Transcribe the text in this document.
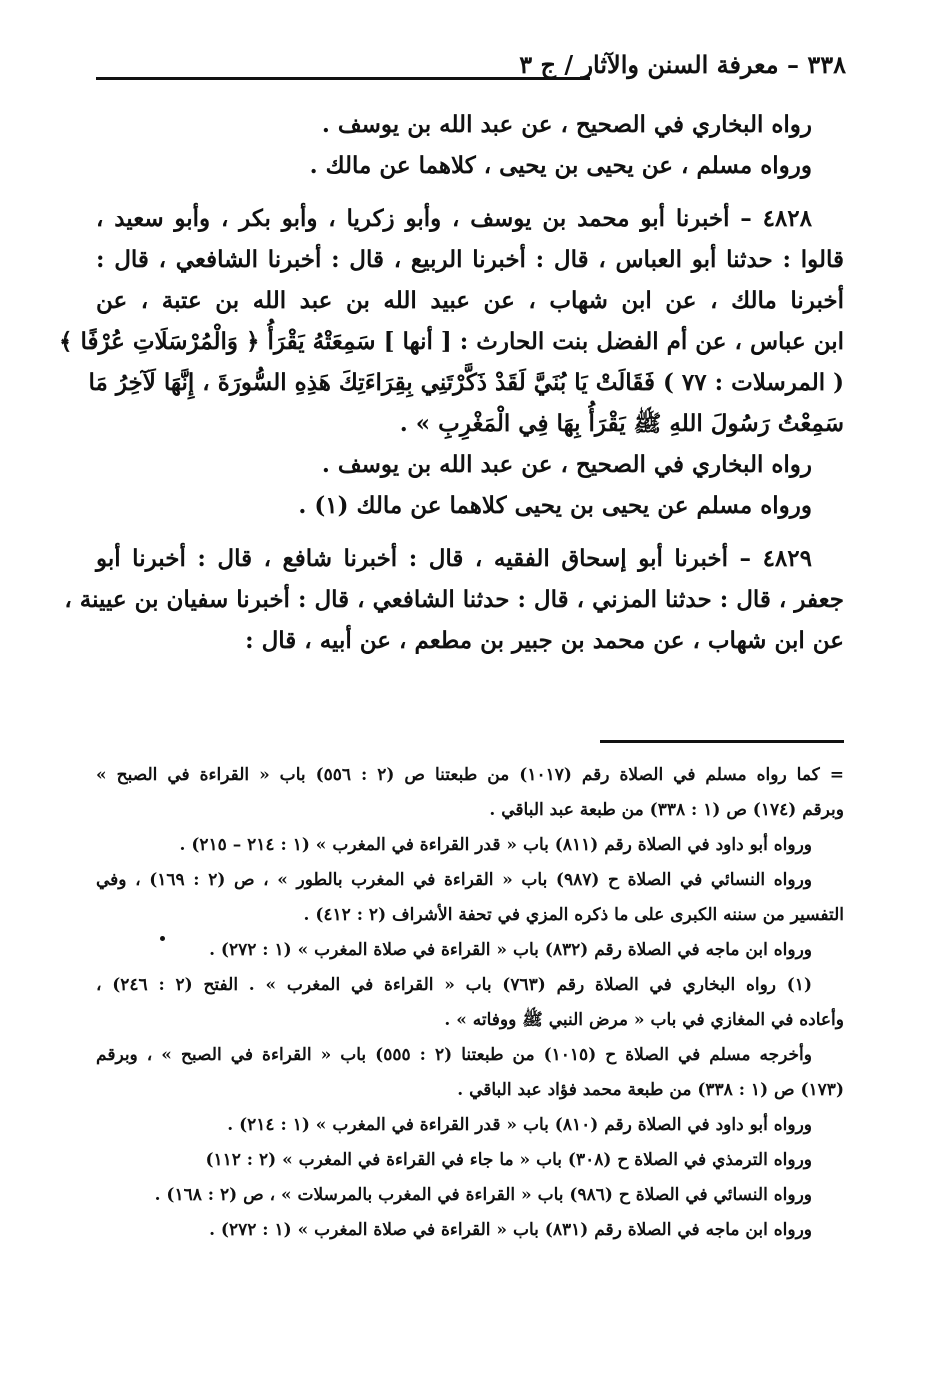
٣٣٨ – معرفة السنن والآثار / ج ٣
رواه البخاري في الصحيح ، عن عبد الله بن يوسف .
ورواه مسلم ، عن يحيى بن يحيى ، كلاهما عن مالك .
٤٨٢٨ – أخبرنا أبو محمد بن يوسف ، وأبو زكريا ، وأبو بكر ، وأبو سعيد ،
قالوا : حدثنا أبو العباس ، قال : أخبرنا الربيع ، قال : أخبرنا الشافعي ، قال :
أخبرنا مالك ، عن ابن شهاب ، عن عبيد الله بن عبد الله بن عتبة ، عن
ابن عباس ، عن أم الفضل بنت الحارث : [ أنها ] سَمِعَتْهُ يَقْرَأُ ﴿ وَالْمُرْسَلَاتِ عُرْفًا ﴾
( المرسلات : ٧٧ ) فَقَالَتْ يَا بُنَيَّ لَقَدْ ذَكَّرْتَنِي بِقِرَاءَتِكَ هَذِهِ السُّورَةَ ، إِنَّهَا لَآخِرُ مَا
سَمِعْتُ رَسُولَ اللهِ ﷺ يَقْرَأُ بِهَا فِي الْمَغْرِبِ » .
رواه البخاري في الصحيح ، عن عبد الله بن يوسف .
ورواه مسلم عن يحيى بن يحيى كلاهما عن مالك (١) .
٤٨٢٩ – أخبرنا أبو إسحاق الفقيه ، قال : أخبرنا شافع ، قال : أخبرنا أبو
جعفر ، قال : حدثنا المزني ، قال : حدثنا الشافعي ، قال : أخبرنا سفيان بن عيينة ،
عن ابن شهاب ، عن محمد بن جبير بن مطعم ، عن أبيه ، قال :
= كما رواه مسلم في الصلاة رقم (١٠١٧) من طبعتنا ص (٢ : ٥٥٦) باب « القراءة في الصبح »
وبرقم (١٧٤) ص (١ : ٣٣٨) من طبعة عبد الباقي .
ورواه أبو داود في الصلاة رقم (٨١١) باب « قدر القراءة في المغرب » (١ : ٢١٤ – ٢١٥) .
ورواه النسائي في الصلاة ح (٩٨٧) باب « القراءة في المغرب بالطور » ، ص (٢ : ١٦٩) ، وفي
التفسير من سننه الكبرى على ما ذكره المزي في تحفة الأشراف (٢ : ٤١٢) .
ورواه ابن ماجه في الصلاة رقم (٨٣٢) باب « القراءة في صلاة المغرب » (١ : ٢٧٢) .
(١) رواه البخاري في الصلاة رقم (٧٦٣) باب « القراءة في المغرب » . الفتح (٢ : ٢٤٦) ،
وأعاده في المغازي في باب « مرض النبي ﷺ ووفاته » .
وأخرجه مسلم في الصلاة ح (١٠١٥) من طبعتنا (٢ : ٥٥٥) باب « القراءة في الصبح » ، وبرقم
(١٧٣) ص (١ : ٣٣٨) من طبعة محمد فؤاد عبد الباقي .
ورواه أبو داود في الصلاة رقم (٨١٠) باب « قدر القراءة في المغرب » (١ : ٢١٤) .
ورواه الترمذي في الصلاة ح (٣٠٨) باب « ما جاء في القراءة في المغرب » (٢ : ١١٢)
ورواه النسائي في الصلاة ح (٩٨٦) باب « القراءة في المغرب بالمرسلات » ، ص (٢ : ١٦٨) .
ورواه ابن ماجه في الصلاة رقم (٨٣١) باب « القراءة في صلاة المغرب » (١ : ٢٧٢) .
